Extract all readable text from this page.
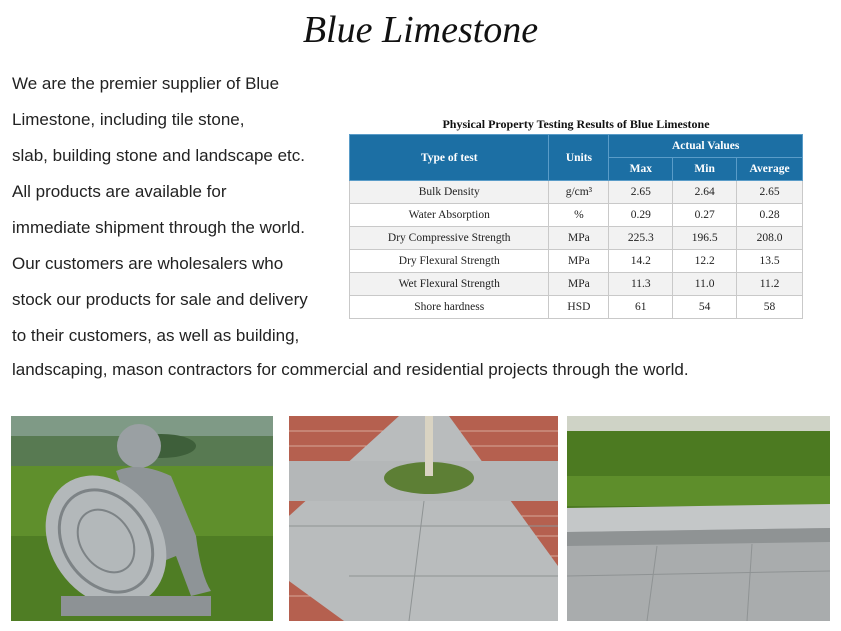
Blue Limestone
We are the premier supplier of Blue
Limestone, including tile stone,
slab, building stone and landscape etc.
All products are available for
immediate shipment through the world.
Our customers are wholesalers who
stock our products for sale and delivery
to their customers, as well as building,

landscaping, mason contractors for commercial and residential projects through the world.

Physical Property Testing Results of Blue Limestone
Type of test	Units	Actual Values		
		Max	Min	Average
Bulk Density	g/cm³	2.65	2.64	2.65
Water Absorption	%	0.29	0.27	0.28
Dry Compressive Strength	MPa	225.3	196.5	208.0
Dry Flexural Strength	MPa	14.2	12.2	13.5
Wet Flexural Strength	MPa	11.3	11.0	11.2
Shore hardness	HSD	61	54	58
